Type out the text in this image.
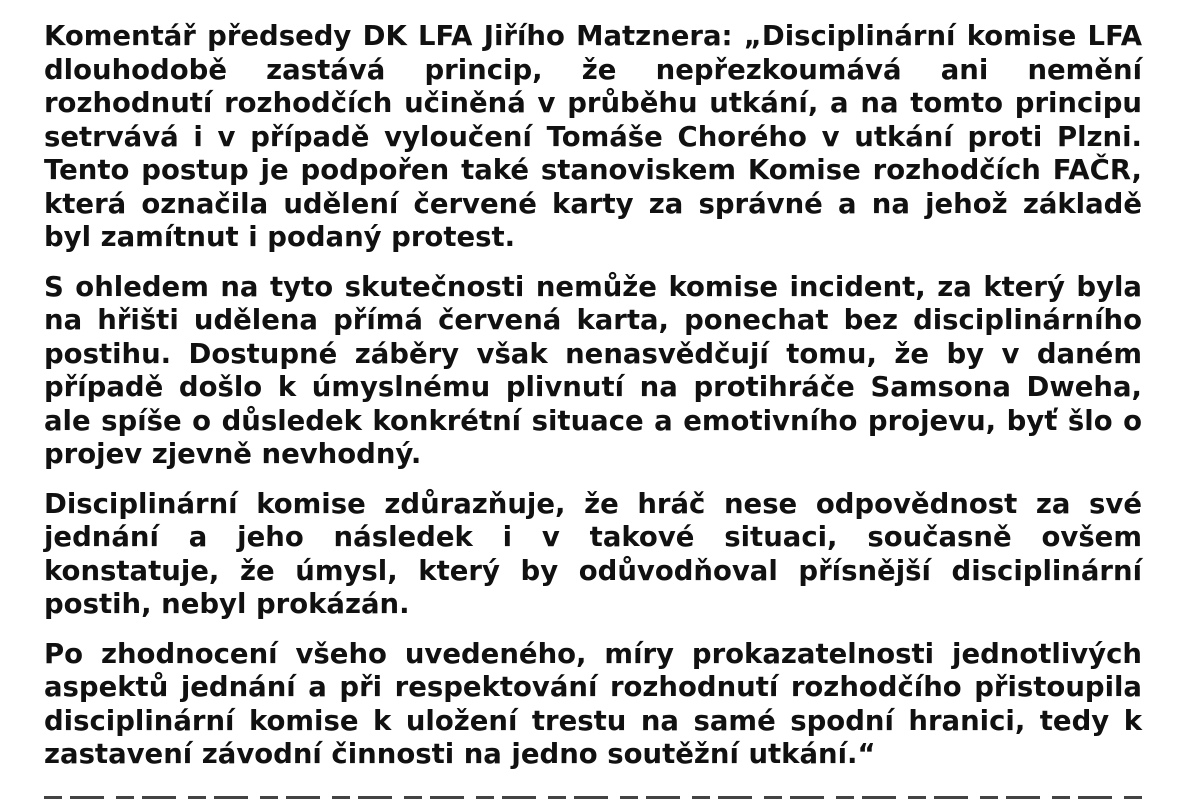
Komentář předsedy DK LFA Jiřího Matznera: „Disciplinární komise LFA dlouhodobě zastává princip, že nepřezkoumává ani nemění rozhodnutí rozhodčích učiněná v průběhu utkání, a na tomto principu setrvává i v případě vyloučení Tomáše Chorého v utkání proti Plzni. Tento postup je podpořen také stanoviskem Komise rozhodčích FAČR, která označila udělení červené karty za správné a na jehož základě byl zamítnut i podaný protest.

S ohledem na tyto skutečnosti nemůže komise incident, za který byla na hřišti udělena přímá červená karta, ponechat bez disciplinárního postihu. Dostupné záběry však nenasvědčují tomu, že by v daném případě došlo k úmyslnému plivnutí na protihráče Samsona Dweha, ale spíše o důsledek konkrétní situace a emotivního projevu, byť šlo o projev zjevně nevhodný.

Disciplinární komise zdůrazňuje, že hráč nese odpovědnost za své jednání a jeho následek i v takové situaci, současně ovšem konstatuje, že úmysl, který by odůvodňoval přísnější disciplinární postih, nebyl prokázán.

Po zhodnocení všeho uvedeného, míry prokazatelnosti jednotlivých aspektů jednání a při respektování rozhodnutí rozhodčího přistoupila disciplinární komise k uložení trestu na samé spodní hranici, tedy k zastavení závodní činnosti na jedno soutěžní utkání.“
